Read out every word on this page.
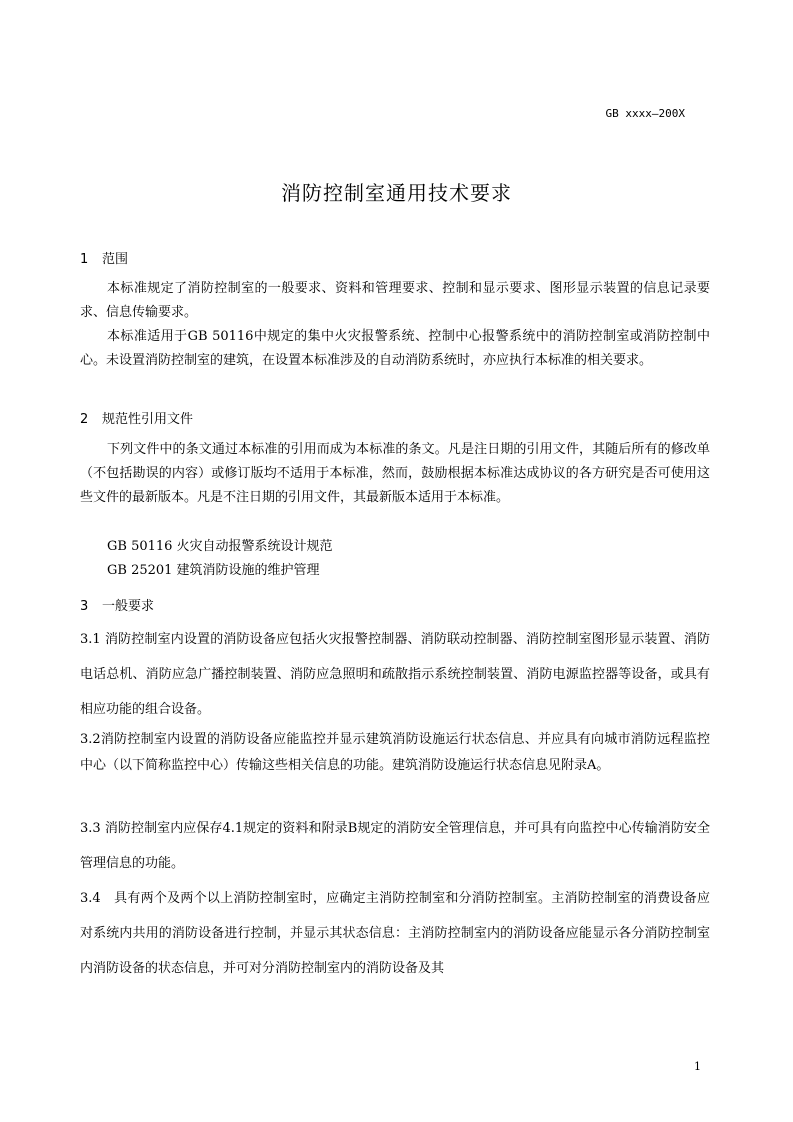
GB xxxx—200X
消防控制室通用技术要求
1 范围
本标准规定了消防控制室的一般要求、资料和管理要求、控制和显示要求、图形显示装置的信息记录要求、信息传输要求。
本标准适用于GB 50116中规定的集中火灾报警系统、控制中心报警系统中的消防控制室或消防控制中心。未设置消防控制室的建筑，在设置本标准涉及的自动消防系统时，亦应执行本标准的相关要求。
2 规范性引用文件
下列文件中的条文通过本标准的引用而成为本标准的条文。凡是注日期的引用文件，其随后所有的修改单（不包括勘误的内容）或修订版均不适用于本标准，然而，鼓励根据本标准达成协议的各方研究是否可使用这些文件的最新版本。凡是不注日期的引用文件，其最新版本适用于本标准。
GB 50116 火灾自动报警系统设计规范
GB 25201 建筑消防设施的维护管理
3 一般要求
3.1 消防控制室内设置的消防设备应包括火灾报警控制器、消防联动控制器、消防控制室图形显示装置、消防电话总机、消防应急广播控制装置、消防应急照明和疏散指示系统控制装置、消防电源监控器等设备，或具有相应功能的组合设备。
3.2消防控制室内设置的消防设备应能监控并显示建筑消防设施运行状态信息、并应具有向城市消防远程监控中心（以下简称监控中心）传输这些相关信息的功能。建筑消防设施运行状态信息见附录A。
3.3 消防控制室内应保存4.1规定的资料和附录B规定的消防安全管理信息，并可具有向监控中心传输消防安全管理信息的功能。
3.4　具有两个及两个以上消防控制室时，应确定主消防控制室和分消防控制室。主消防控制室的消费设备应对系统内共用的消防设备进行控制，并显示其状态信息：主消防控制室内的消防设备应能显示各分消防控制室内消防设备的状态信息，并可对分消防控制室内的消防设备及其
1
